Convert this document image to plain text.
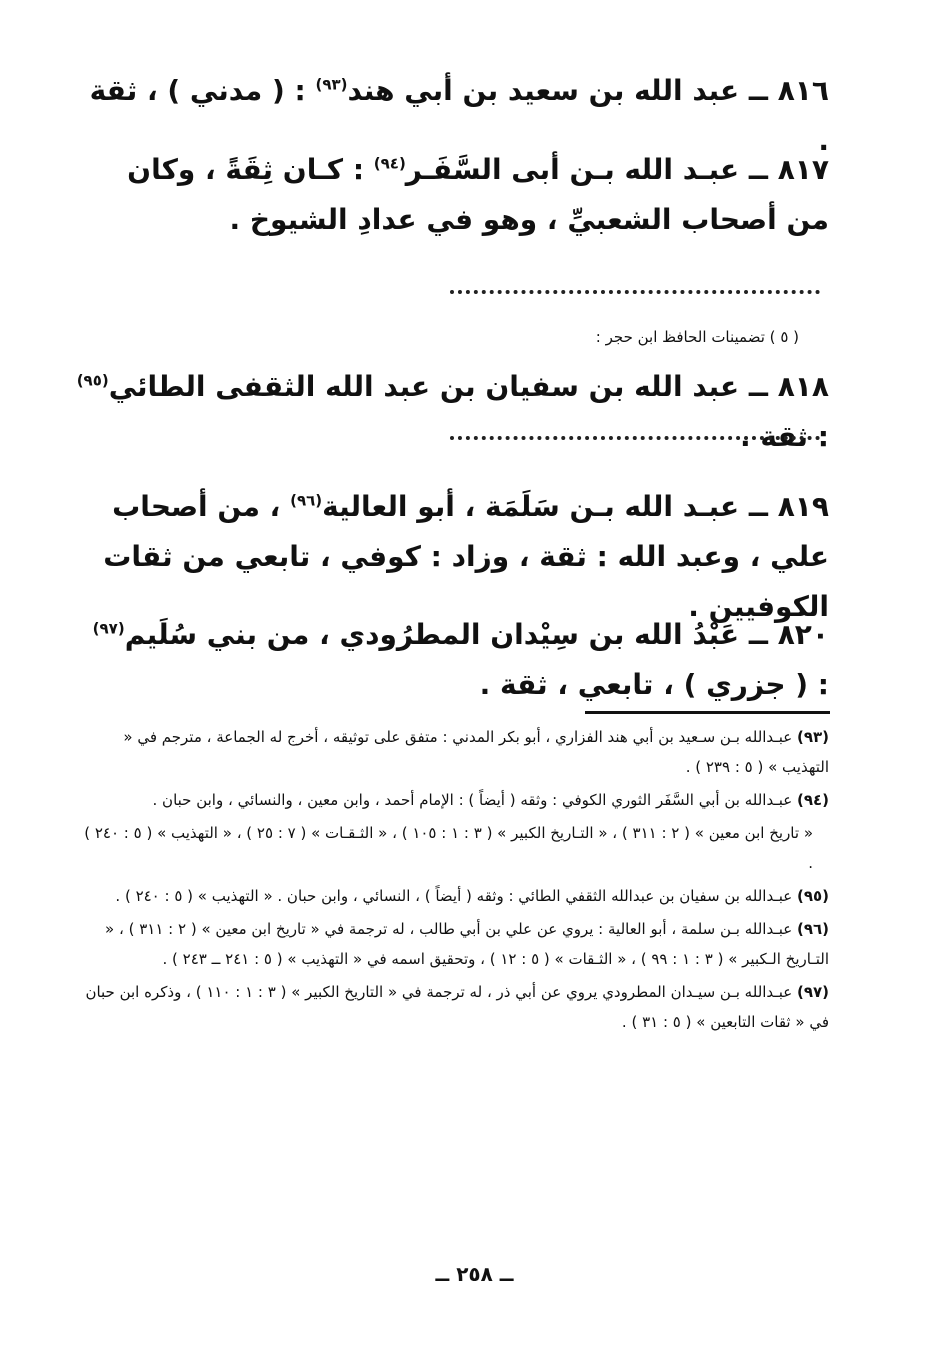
٨١٦ ــ عبد الله بن سعيد بن أبي هند$^{(٩٣)}$ : ( مدني ) ، ثقة .
٨١٧ ــ عبـد الله بـن أبى السَّفَـر$^{(٩٤)}$ : كـان ثِقَةً ، وكان من أصحاب الشعبيِّ ، وهو في عدادِ الشيوخ .
( ٥ ) تضمينات الحافظ ابن حجر :
٨١٨ ــ عبد الله بن سفيان بن عبد الله الثقفى الطائي$^{(٩٥)}$ : ثقة .
٨١٩ ــ عبـد الله بـن سَلَمَة ، أبو العالية$^{(٩٦)}$ ، من أصحاب علي ، وعبد الله : ثقة ، وزاد : كوفي ، تابعي من ثقات الكوفيين .
٨٢٠ ــ عَبْدُ الله بن سِيْدان المطرُودي ، من بني سُلَيم$^{(٩٧)}$ : ( جزري ) ، تابعي ، ثقة .
(٩٣) عبـدالله بـن سـعيد بن أبي هند الفزاري ، أبو بكر المدني : متفق على توثيقه ، أخرج له الجماعة ، مترجم في « التهذيب » ( ٥ : ٢٣٩ ) .
(٩٤) عبـدالله بن أبي السَّفَر الثوري الكوفي : وثقه ( أيضاً ) : الإمام أحمد ، وابن معين ، والنسائي ، وابن حبان .
« تاريخ ابن معين » ( ٢ : ٣١١ ) ، « التـاريخ الكبير » ( ٣ : ١ : ١٠٥ ) ، « الثـقـات » ( ٧ : ٢٥ ) ، « التهذيب » ( ٥ : ٢٤٠ ) .
(٩٥) عبـدالله بن سفيان بن عبدالله الثقفي الطائي : وثقه ( أيضاً ) ، النسائي ، وابن حبان . « التهذيب » ( ٥ : ٢٤٠ ) .
(٩٦) عبـدالله بـن سلمة ، أبو العالية : يروي عن علي بن أبي طالب ، له ترجمة في « تاريخ ابن معين » ( ٢ : ٣١١ ) ، « التـاريخ الـكبير » ( ٣ : ١ : ٩٩ ) ، « الثـقات » ( ٥ : ١٢ ) ، وتحقيق اسمه في « التهذيب » ( ٥ : ٢٤١ ــ ٢٤٣ ) .
(٩٧) عبـدالله بـن سيـدان المطرودي يروي عن أبي ذر ، له ترجمة في « التاريخ الكبير » ( ٣ : ١ : ١١٠ ) ، وذكره ابن حبان في « ثقات التابعين » ( ٥ : ٣١ ) .
ــ ٢٥٨ ــ
